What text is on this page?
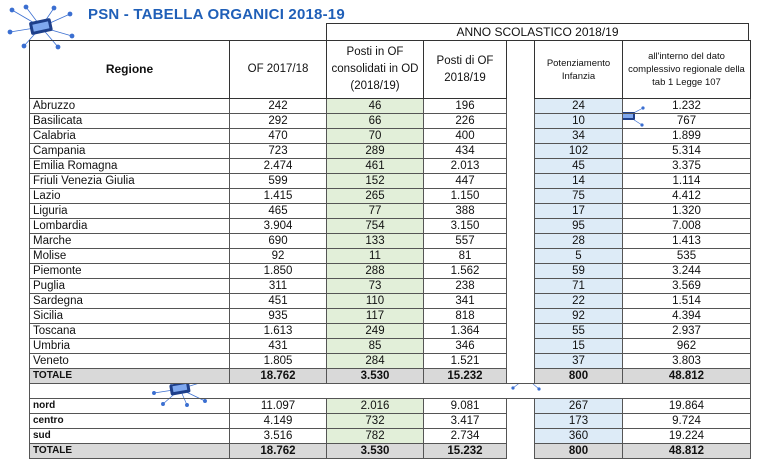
PSN - TABELLA ORGANICI 2018-19
ANNO SCOLASTICO 2018/19
Regione	OF 2017/18	Posti in OF consolidati in OD (2018/19)	Posti di OF 2018/19		Potenziamento Infanzia	all'interno del dato complessivo regionale della tab 1 Legge 107
Abruzzo	242	46	196		24	1.232
Basilicata	292	66	226		10	767
Calabria	470	70	400		34	1.899
Campania	723	289	434		102	5.314
Emilia Romagna	2.474	461	2.013		45	3.375
Friuli Venezia Giulia	599	152	447		14	1.114
Lazio	1.415	265	1.150		75	4.412
Liguria	465	77	388		17	1.320
Lombardia	3.904	754	3.150		95	7.008
Marche	690	133	557		28	1.413
Molise	92	11	81		5	535
Piemonte	1.850	288	1.562		59	3.244
Puglia	311	73	238		71	3.569
Sardegna	451	110	341		22	1.514
Sicilia	935	117	818		92	4.394
Toscana	1.613	249	1.364		55	2.937
Umbria	431	85	346		15	962
Veneto	1.805	284	1.521		37	3.803
TOTALE	18.762	3.530	15.232		800	48.812

nord	11.097	2.016	9.081		267	19.864
centro	4.149	732	3.417		173	9.724
sud	3.516	782	2.734		360	19.224
TOTALE	18.762	3.530	15.232		800	48.812
